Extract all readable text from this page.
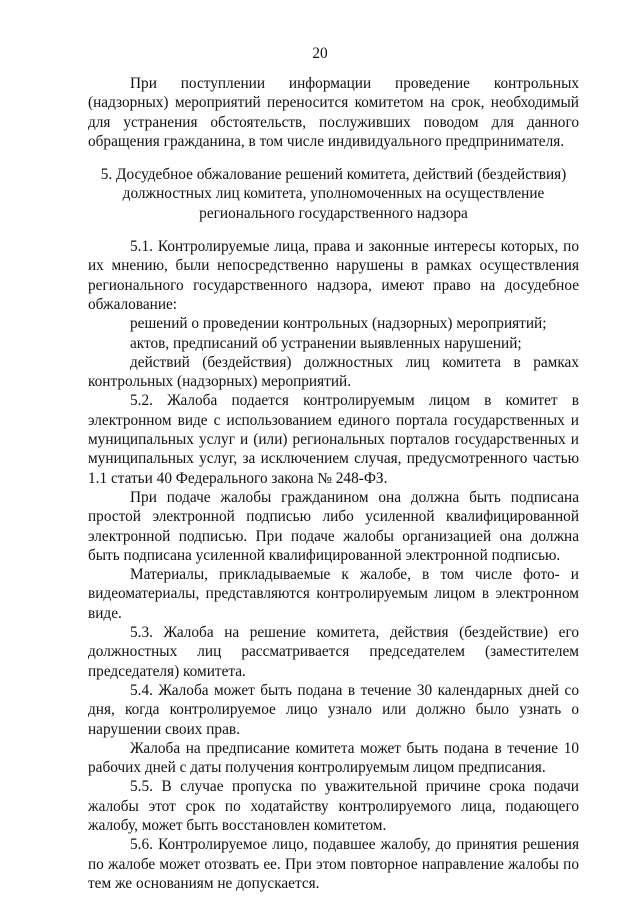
20

При поступлении информации проведение контрольных (надзорных) мероприятий переносится комитетом на срок, необходимый для устранения обстоятельств, послуживших поводом для данного обращения гражданина, в том числе индивидуального предпринимателя.

5. Досудебное обжалование решений комитета, действий (бездействия) должностных лиц комитета, уполномоченных на осуществление регионального государственного надзора

5.1. Контролируемые лица, права и законные интересы которых, по их мнению, были непосредственно нарушены в рамках осуществления регионального государственного надзора, имеют право на досудебное обжалование:

решений о проведении контрольных (надзорных) мероприятий;

актов, предписаний об устранении выявленных нарушений;

действий (бездействия) должностных лиц комитета в рамках контрольных (надзорных) мероприятий.

5.2. Жалоба подается контролируемым лицом в комитет в электронном виде с использованием единого портала государственных и муниципальных услуг и (или) региональных порталов государственных и муниципальных услуг, за исключением случая, предусмотренного частью 1.1 статьи 40 Федерального закона № 248-ФЗ.

При подаче жалобы гражданином она должна быть подписана простой электронной подписью либо усиленной квалифицированной электронной подписью. При подаче жалобы организацией она должна быть подписана усиленной квалифицированной электронной подписью.

Материалы, прикладываемые к жалобе, в том числе фото- и видеоматериалы, представляются контролируемым лицом в электронном виде.

5.3. Жалоба на решение комитета, действия (бездействие) его должностных лиц рассматривается председателем (заместителем председателя) комитета.

5.4. Жалоба может быть подана в течение 30 календарных дней со дня, когда контролируемое лицо узнало или должно было узнать о нарушении своих прав.

Жалоба на предписание комитета может быть подана в течение 10 рабочих дней с даты получения контролируемым лицом предписания.

5.5. В случае пропуска по уважительной причине срока подачи жалобы этот срок по ходатайству контролируемого лица, подающего жалобу, может быть восстановлен комитетом.

5.6. Контролируемое лицо, подавшее жалобу, до принятия решения по жалобе может отозвать ее. При этом повторное направление жалобы по тем же основаниям не допускается.
